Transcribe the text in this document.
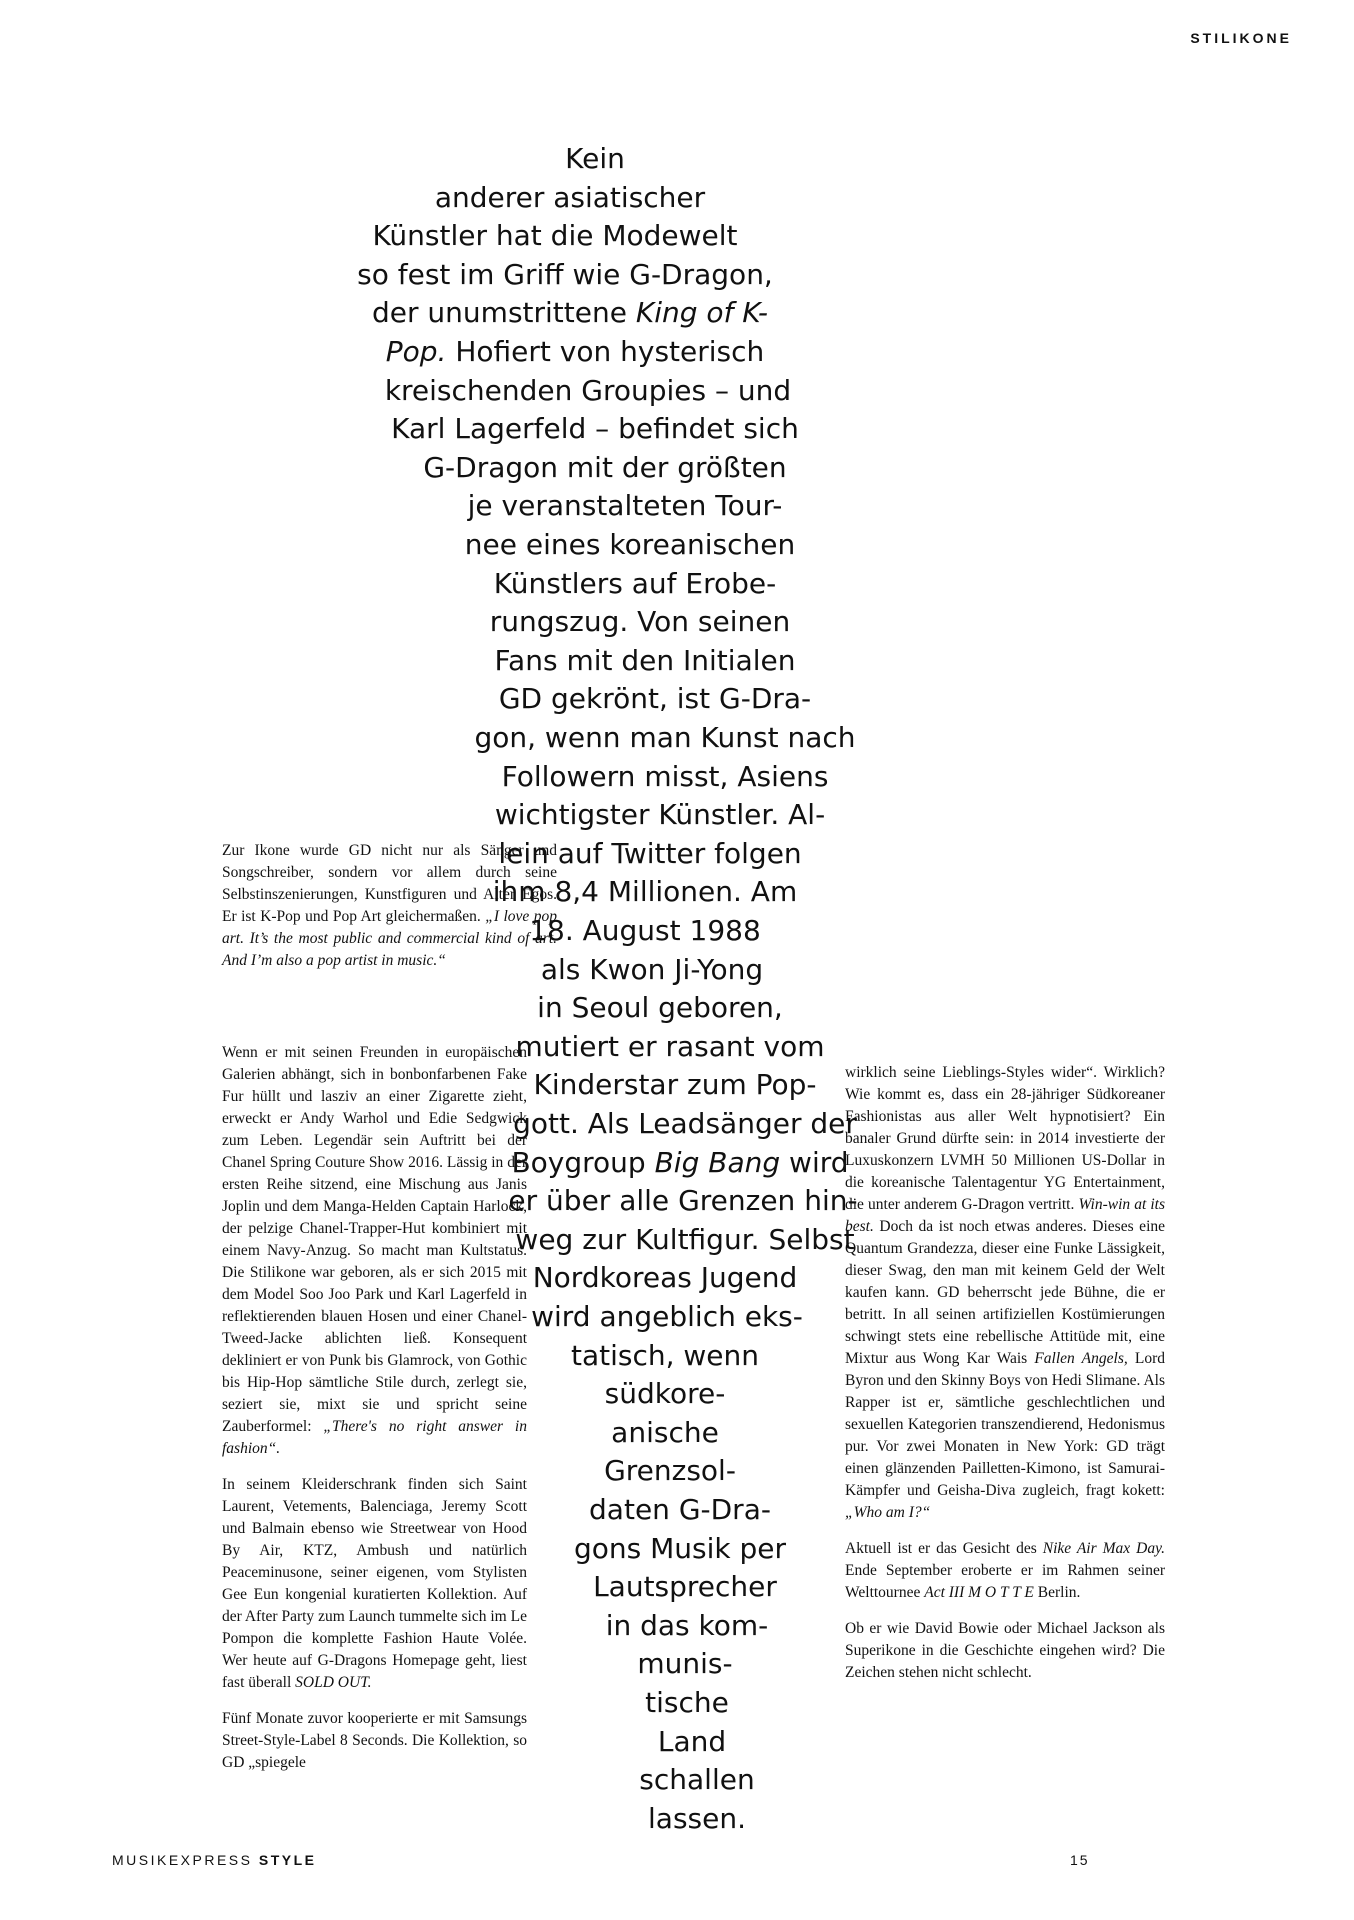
STILIKONE
Kein
anderer asiatischer
Künstler hat die Modewelt
so fest im Griff wie G-Dragon,
der unumstrittene King of K-
Pop. Hofiert von hysterisch
kreischenden Groupies – und
Karl Lagerfeld – befindet sich
G-Dragon mit der größten
je veranstalteten Tour-
nee eines koreanischen
Künstlers auf Erobe-
rungszug. Von seinen
Fans mit den Initialen
GD gekrönt, ist G-Dra-
gon, wenn man Kunst nach
Followern misst, Asiens
wichtigster Künstler. Al-
lein auf Twitter folgen
ihm 8,4 Millionen. Am
18. August 1988
als Kwon Ji-Yong
in Seoul geboren,
mutiert er rasant vom
Kinderstar zum Pop-
gott. Als Leadsänger der
Boygroup Big Bang wird
er über alle Grenzen hin-
weg zur Kultfigur. Selbst
Nordkoreas Jugend
wird angeblich eks-
tatisch, wenn
südkore-
anische
Grenzsol-
daten G-Dra-
gons Musik per
Lautsprecher
in das kom-
munis-
tische
Land
schallen
lassen.

Zur Ikone wurde GD nicht nur als Sänger und Songschreiber, sondern vor allem durch seine Selbstinszenierungen, Kunstfiguren und Alter Egos. Er ist K-Pop und Pop Art gleichermaßen. „I love pop art. It’s the most public and commercial kind of art. And I’m also a pop artist in music.“

Wenn er mit seinen Freunden in europäischen Galerien abhängt, sich in bonbonfarbenen Fake Fur hüllt und lasziv an einer Zigarette zieht, erweckt er Andy Warhol und Edie Sedgwick zum Leben. Legendär sein Auftritt bei der Chanel Spring Couture Show 2016. Lässig in der ersten Reihe sitzend, eine Mischung aus Janis Joplin und dem Manga-Helden Captain Harlock, der pelzige Chanel-Trapper-Hut kombiniert mit einem Navy-Anzug. So macht man Kultstatus. Die Stilikone war geboren, als er sich 2015 mit dem Model Soo Joo Park und Karl Lagerfeld in reflektierenden blauen Hosen und einer Chanel-Tweed-Jacke ablichten ließ. Konsequent dekliniert er von Punk bis Glamrock, von Gothic bis Hip-Hop sämtliche Stile durch, zerlegt sie, seziert sie, mixt sie und spricht seine Zauberformel: „There's no right answer in fashion“.

In seinem Kleiderschrank finden sich Saint Laurent, Vetements, Balenciaga, Jeremy Scott und Balmain ebenso wie Streetwear von Hood By Air, KTZ, Ambush und natürlich Peaceminusone, seiner eigenen, vom Stylisten Gee Eun kongenial kuratierten Kollektion. Auf der After Party zum Launch tummelte sich im Le Pompon die komplette Fashion Haute Volée. Wer heute auf G-Dragons Homepage geht, liest fast überall SOLD OUT.

Fünf Monate zuvor kooperierte er mit Samsungs Street-Style-Label 8 Seconds. Die Kollektion, so GD „spiegele

wirklich seine Lieblings-Styles wider“. Wirklich? Wie kommt es, dass ein 28-jähriger Südkoreaner Fashionistas aus aller Welt hypnotisiert? Ein banaler Grund dürfte sein: in 2014 investierte der Luxuskonzern LVMH 50 Millionen US-Dollar in die koreanische Talentagentur YG Entertainment, die unter anderem G-Dragon vertritt. Win-win at its best. Doch da ist noch etwas anderes. Dieses eine Quantum Grandezza, dieser eine Funke Lässigkeit, dieser Swag, den man mit keinem Geld der Welt kaufen kann. GD beherrscht jede Bühne, die er betritt. In all seinen artifiziellen Kostümierungen schwingt stets eine rebellische Attitüde mit, eine Mixtur aus Wong Kar Wais Fallen Angels, Lord Byron und den Skinny Boys von Hedi Slimane. Als Rapper ist er, sämtliche geschlechtlichen und sexuellen Kategorien transzendierend, Hedonismus pur. Vor zwei Monaten in New York: GD trägt einen glänzenden Pailletten-Kimono, ist Samurai-Kämpfer und Geisha-Diva zugleich, fragt kokett: „Who am I?“

Aktuell ist er das Gesicht des Nike Air Max Day. Ende September eroberte er im Rahmen seiner Welttournee Act III M O T T E Berlin.

Ob er wie David Bowie oder Michael Jackson als Superikone in die Geschichte eingehen wird? Die Zeichen stehen nicht schlecht.

MUSIKEXPRESS STYLE	15
